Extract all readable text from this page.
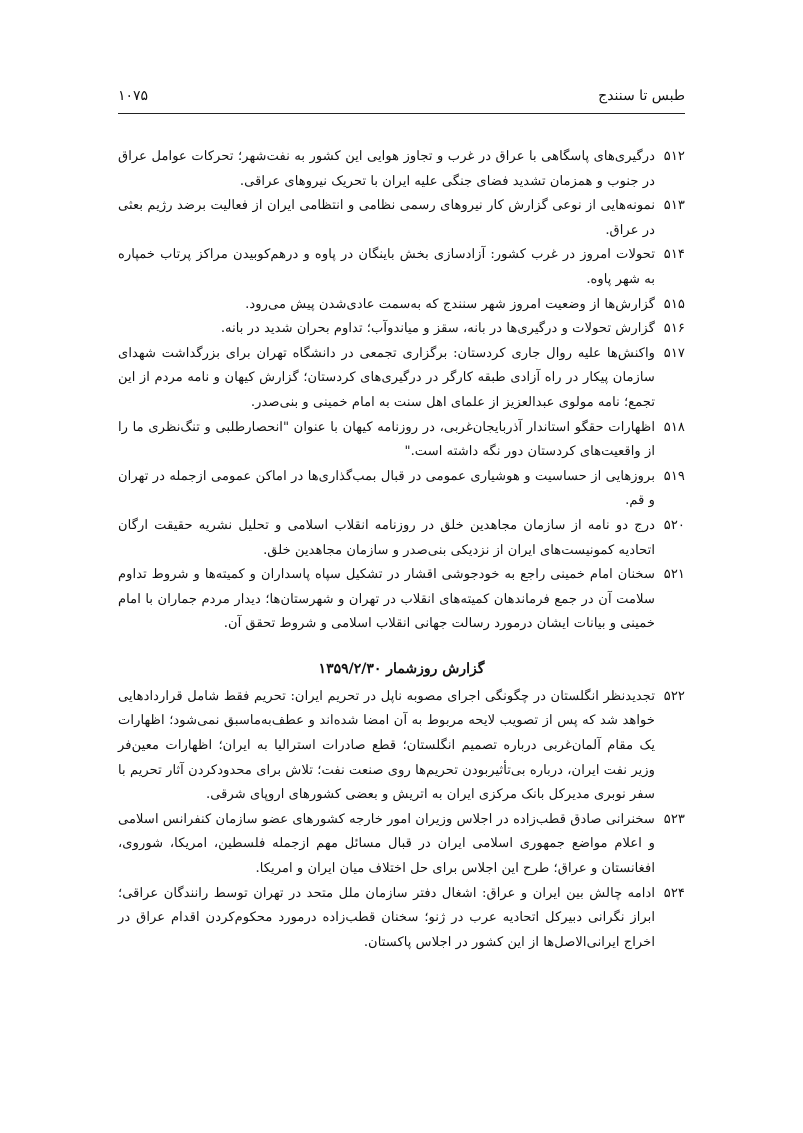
طبس تا سنندج
۱۰۷۵

۵۱۲
درگیری‌های پاسگاهی با عراق در غرب و تجاوز هوایی این کشور به نفت‌شهر؛ تحرکات عوامل عراق در جنوب و همزمان تشدید فضای جنگی علیه ایران با تحریک نیروهای عراقی.

۵۱۳
نمونه‌هایی از نوعی گزارش کار نیروهای رسمی نظامی و انتظامی ایران از فعالیت برضد رژیم بعثی در عراق.

۵۱۴
تحولات امروز در غرب کشور: آزادسازی بخش باینگان در پاوه و درهم‌کوبیدن مراکز پرتاب خمپاره به شهر پاوه.

۵۱۵
گزارش‌ها از وضعیت امروز شهر سنندج که به‌سمت عادی‌شدن پیش می‌رود.

۵۱۶
گزارش تحولات و درگیری‌ها در بانه، سقز و میاندوآب؛ تداوم بحران شدید در بانه.

۵۱۷
واکنش‌ها علیه روال جاری کردستان: برگزاری تجمعی در دانشگاه تهران برای بزرگداشت شهدای سازمان پیکار در راه آزادی طبقه کارگر در درگیری‌های کردستان؛ گزارش کیهان و نامه مردم از این تجمع؛ نامه مولوی عبدالعزیز از علمای اهل سنت به امام خمینی و بنی‌صدر.

۵۱۸
اظهارات حقگو استاندار آذربایجان‌غربی، در روزنامه کیهان با عنوان "انحصارطلبی و تنگ‌نظری ما را از واقعیت‌های کردستان دور نگه داشته است."

۵۱۹
بروزهایی از حساسیت و هوشیاری عمومی در قبال بمب‌گذاری‌ها در اماکن عمومی ازجمله در تهران و قم.

۵۲۰
درج دو نامه از سازمان مجاهدین خلق در روزنامه انقلاب اسلامی و تحلیل نشریه حقیقت ارگان اتحادیه کمونیست‌های ایران از نزدیکی بنی‌صدر و سازمان مجاهدین خلق.

۵۲۱
سخنان امام خمینی راجع به خودجوشی اقشار در تشکیل سپاه پاسداران و کمیته‌ها و شروط تداوم سلامت آن در جمع فرماندهان کمیته‌های انقلاب در تهران و شهرستان‌ها؛ دیدار مردم جماران با امام خمینی و بیانات ایشان درمورد رسالت جهانی انقلاب اسلامی و شروط تحقق آن.

گزارش روزشمار ۱۳۵۹/۲/۳۰

۵۲۲
تجدیدنظر انگلستان در چگونگی اجرای مصوبه ناپل در تحریم ایران: تحریم فقط شامل قراردادهایی خواهد شد که پس از تصویب لایحه مربوط به آن امضا شده‌اند و عطف‌به‌ماسبق نمی‌شود؛ اظهارات یک مقام آلمان‌غربی درباره تصمیم انگلستان؛ قطع صادرات استرالیا به ایران؛ اظهارات معین‌فر وزیر نفت ایران، درباره بی‌تأثیربودن تحریم‌ها روی صنعت نفت؛ تلاش برای محدودکردن آثار تحریم با سفر نوبری مدیرکل بانک مرکزی ایران به اتریش و بعضی کشورهای اروپای شرقی.

۵۲۳
سخنرانی صادق قطب‌زاده در اجلاس وزیران امور خارجه کشورهای عضو سازمان کنفرانس اسلامی و اعلام مواضع جمهوری اسلامی ایران در قبال مسائل مهم ازجمله فلسطین، امریکا، شوروی، افغانستان و عراق؛ طرح این اجلاس برای حل اختلاف میان ایران و امریکا.

۵۲۴
ادامه چالش بین ایران و عراق: اشغال دفتر سازمان ملل متحد در تهران توسط رانندگان عراقی؛ ابراز نگرانی دبیرکل اتحادیه عرب در ژنو؛ سخنان قطب‌زاده درمورد محکوم‌کردن اقدام عراق در اخراج ایرانی‌الاصل‌ها از این کشور در اجلاس پاکستان.
